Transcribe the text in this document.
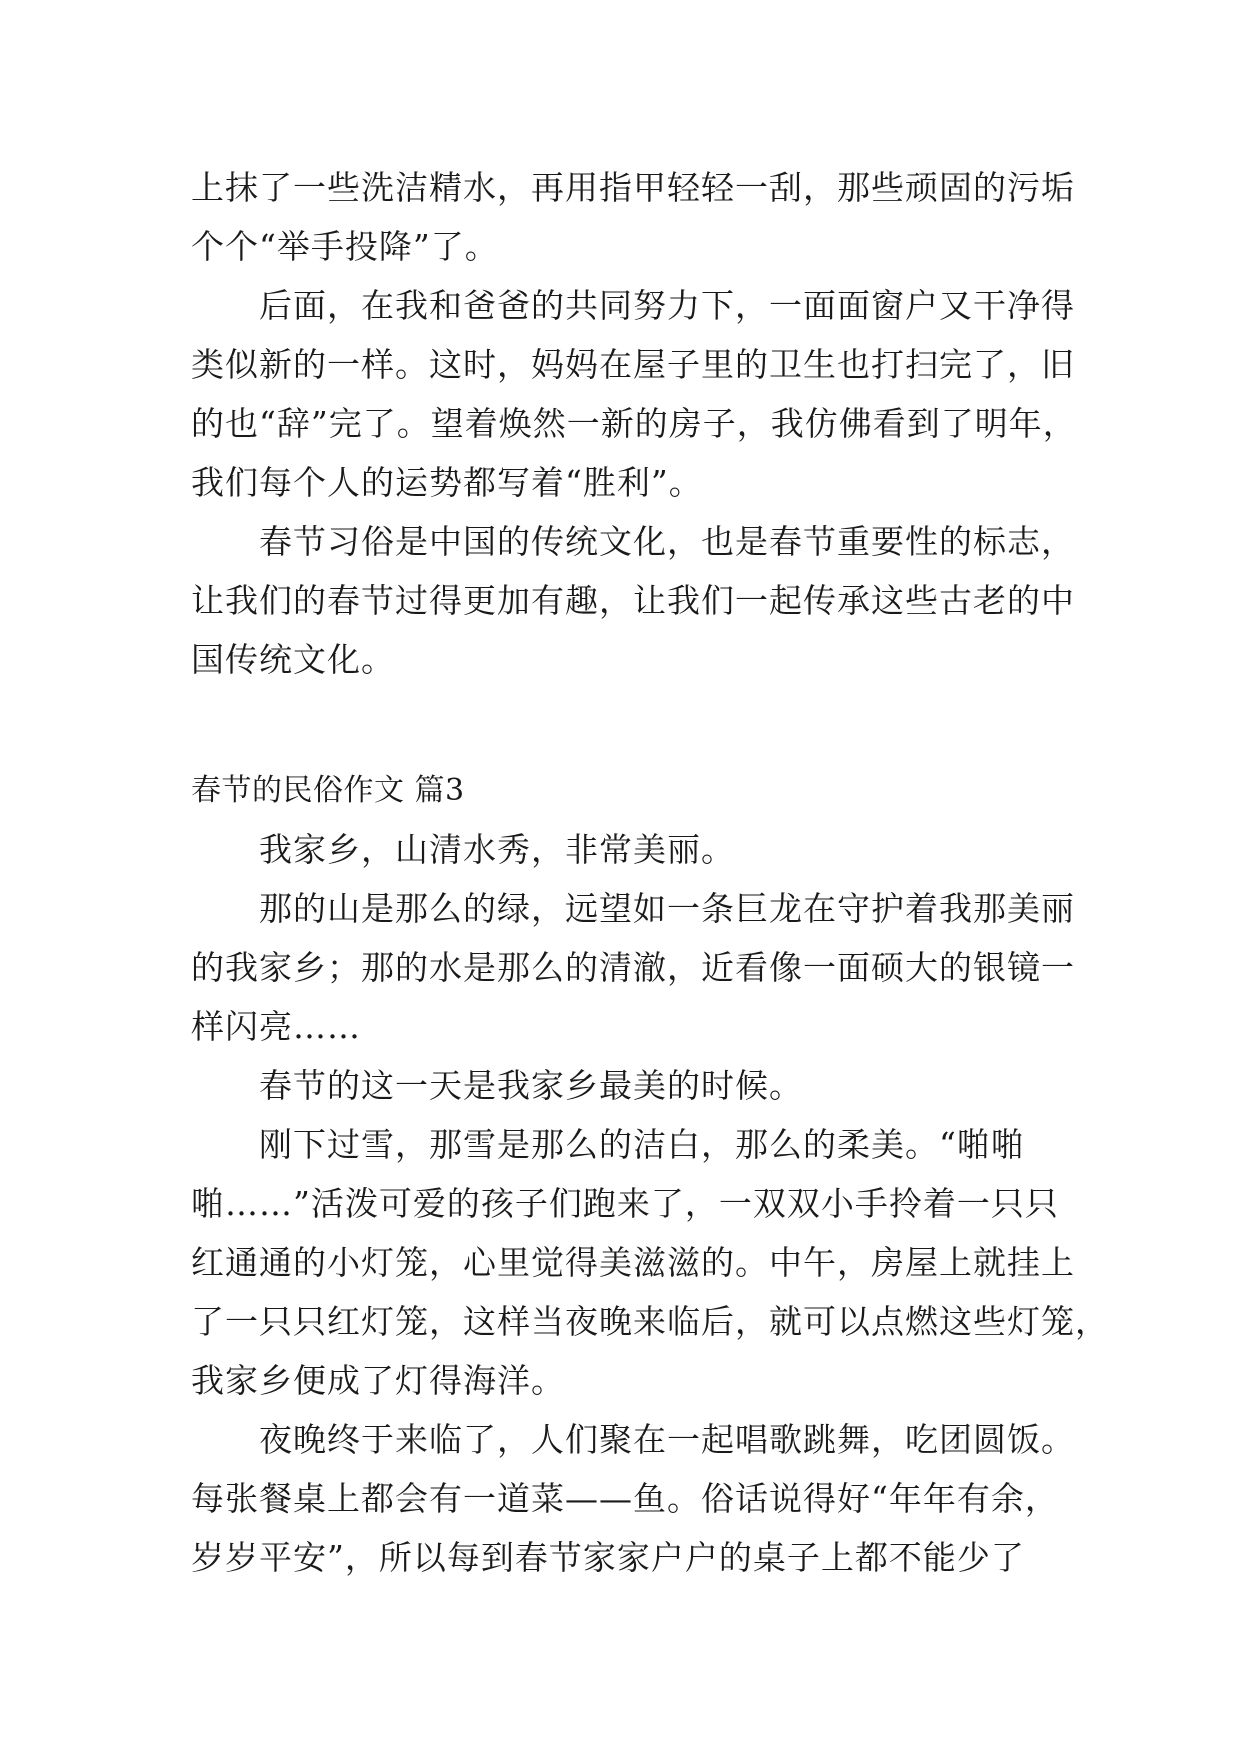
上抹了一些洗洁精水，再用指甲轻轻一刮，那些顽固的污垢
个个“举手投降”了。
　　后面，在我和爸爸的共同努力下，一面面窗户又干净得
类似新的一样。这时，妈妈在屋子里的卫生也打扫完了，旧
的也“辞”完了。望着焕然一新的房子，我仿佛看到了明年，
我们每个人的运势都写着“胜利”。
　　春节习俗是中国的传统文化，也是春节重要性的标志，
让我们的春节过得更加有趣，让我们一起传承这些古老的中
国传统文化。
春节的民俗作文 篇3
　　我家乡，山清水秀，非常美丽。
　　那的山是那么的绿，远望如一条巨龙在守护着我那美丽
的我家乡；那的水是那么的清澈，近看像一面硕大的银镜一
样闪亮……
　　春节的这一天是我家乡最美的时候。
　　刚下过雪，那雪是那么的洁白，那么的柔美。“啪啪
啪……”活泼可爱的孩子们跑来了，一双双小手拎着一只只
红通通的小灯笼，心里觉得美滋滋的。中午，房屋上就挂上
了一只只红灯笼，这样当夜晚来临后，就可以点燃这些灯笼，
我家乡便成了灯得海洋。
　　夜晚终于来临了，人们聚在一起唱歌跳舞，吃团圆饭。
每张餐桌上都会有一道菜——鱼。俗话说得好“年年有余，
岁岁平安”，所以每到春节家家户户的桌子上都不能少了
